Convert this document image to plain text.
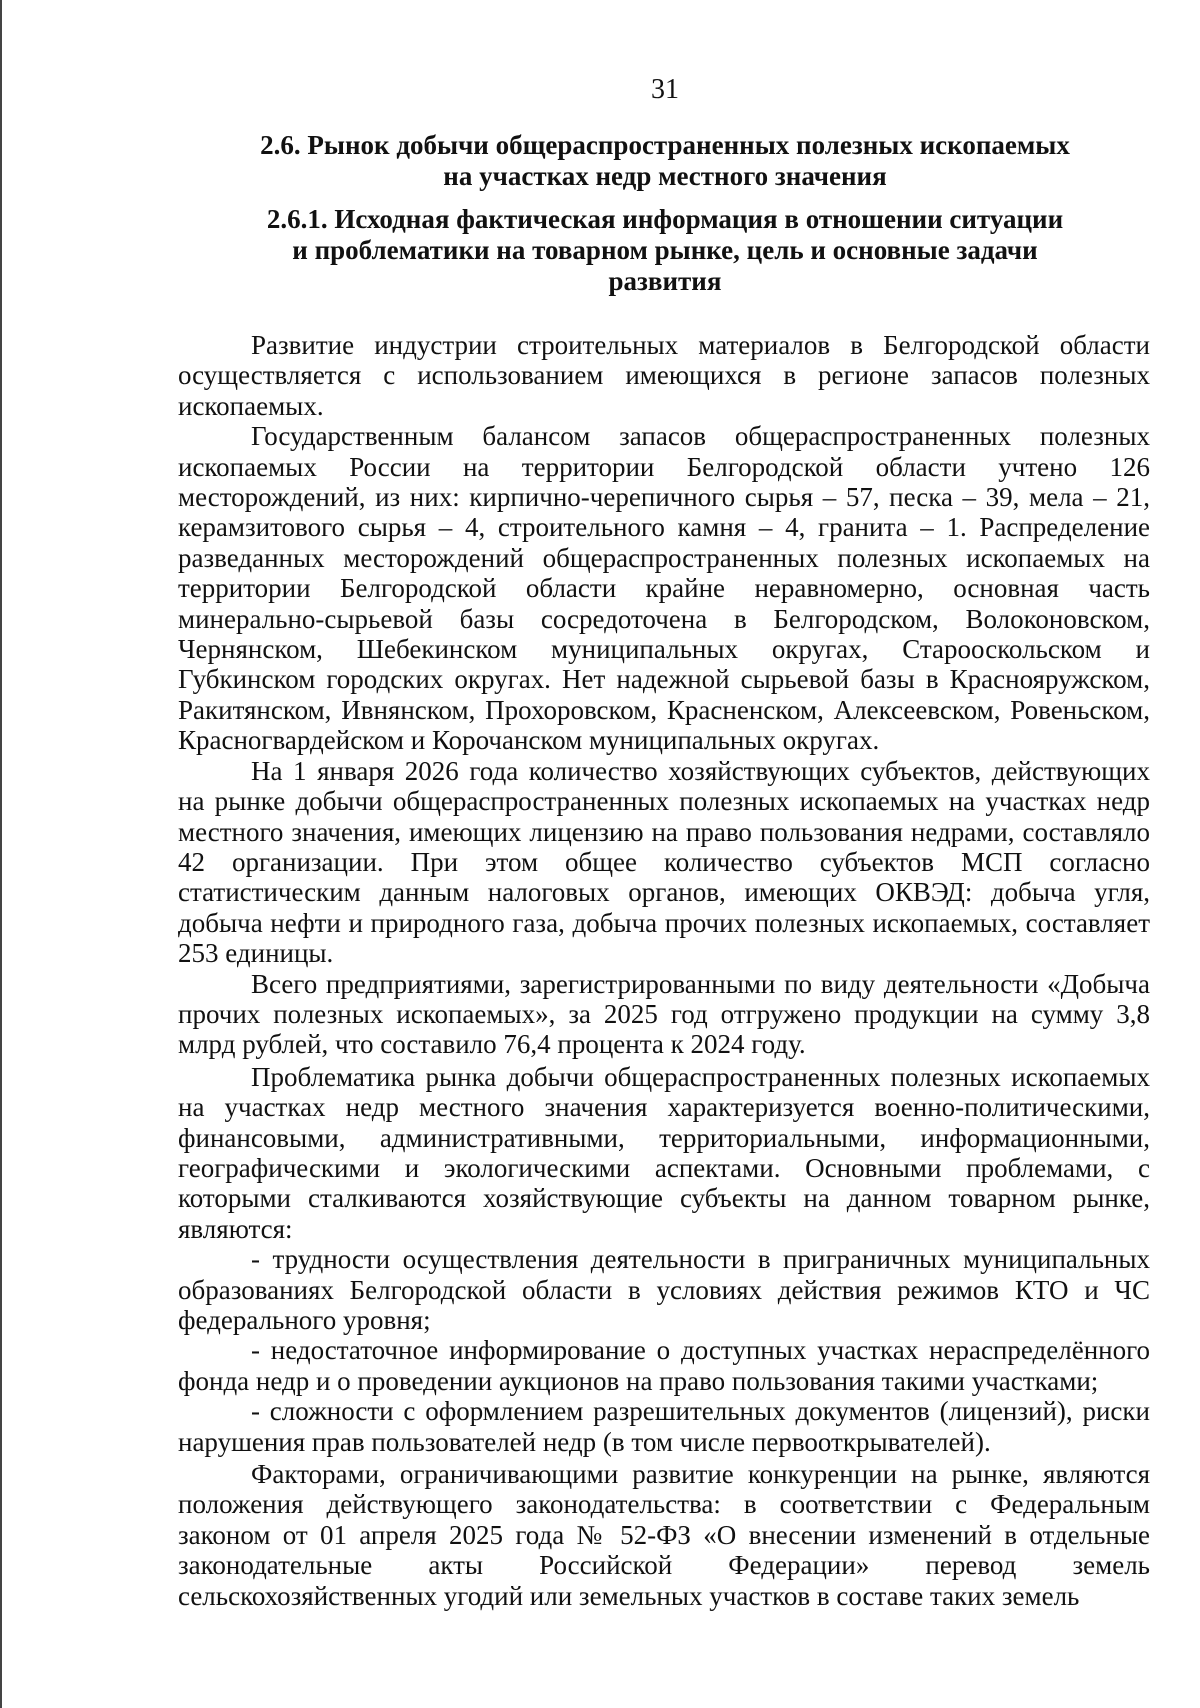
31

2.6. Рынок добычи общераспространенных полезных ископаемых на участках недр местного значения

2.6.1. Исходная фактическая информация в отношении ситуации и проблематики на товарном рынке, цель и основные задачи развития

Развитие индустрии строительных материалов в Белгородской области осуществляется с использованием имеющихся в регионе запасов полезных ископаемых.

Государственным балансом запасов общераспространенных полезных ископаемых России на территории Белгородской области учтено 126 месторождений, из них: кирпично-черепичного сырья – 57, песка – 39, мела – 21, керамзитового сырья – 4, строительного камня – 4, гранита – 1. Распределение разведанных месторождений общераспространенных полезных ископаемых на территории Белгородской области крайне неравномерно, основная часть минерально-сырьевой базы сосредоточена в Белгородском, Волоконовском, Чернянском, Шебекинском муниципальных округах, Старооскольском и Губкинском городских округах. Нет надежной сырьевой базы в Краснояружском, Ракитянском, Ивнянском, Прохоровском, Красненском, Алексеевском, Ровеньском, Красногвардейском и Корочанском муниципальных округах.

На 1 января 2026 года количество хозяйствующих субъектов, действующих на рынке добычи общераспространенных полезных ископаемых на участках недр местного значения, имеющих лицензию на право пользования недрами, составляло 42 организации. При этом общее количество субъектов МСП согласно статистическим данным налоговых органов, имеющих ОКВЭД: добыча угля, добыча нефти и природного газа, добыча прочих полезных ископаемых, составляет 253 единицы.

Всего предприятиями, зарегистрированными по виду деятельности «Добыча прочих полезных ископаемых», за 2025 год отгружено продукции на сумму 3,8 млрд рублей, что составило 76,4 процента к 2024 году.

Проблематика рынка добычи общераспространенных полезных ископаемых на участках недр местного значения характеризуется военно-политическими, финансовыми, административными, территориальными, информационными, географическими и экологическими аспектами. Основными проблемами, с которыми сталкиваются хозяйствующие субъекты на данном товарном рынке, являются:

- трудности осуществления деятельности в приграничных муниципальных образованиях Белгородской области в условиях действия режимов КТО и ЧС федерального уровня;

- недостаточное информирование о доступных участках нераспределённого фонда недр и о проведении аукционов на право пользования такими участками;

- сложности с оформлением разрешительных документов (лицензий), риски нарушения прав пользователей недр (в том числе первооткрывателей).

Факторами, ограничивающими развитие конкуренции на рынке, являются положения действующего законодательства: в соответствии с Федеральным законом от 01 апреля 2025 года № 52-ФЗ «О внесении изменений в отдельные законодательные акты Российской Федерации» перевод земель сельскохозяйственных угодий или земельных участков в составе таких земель
